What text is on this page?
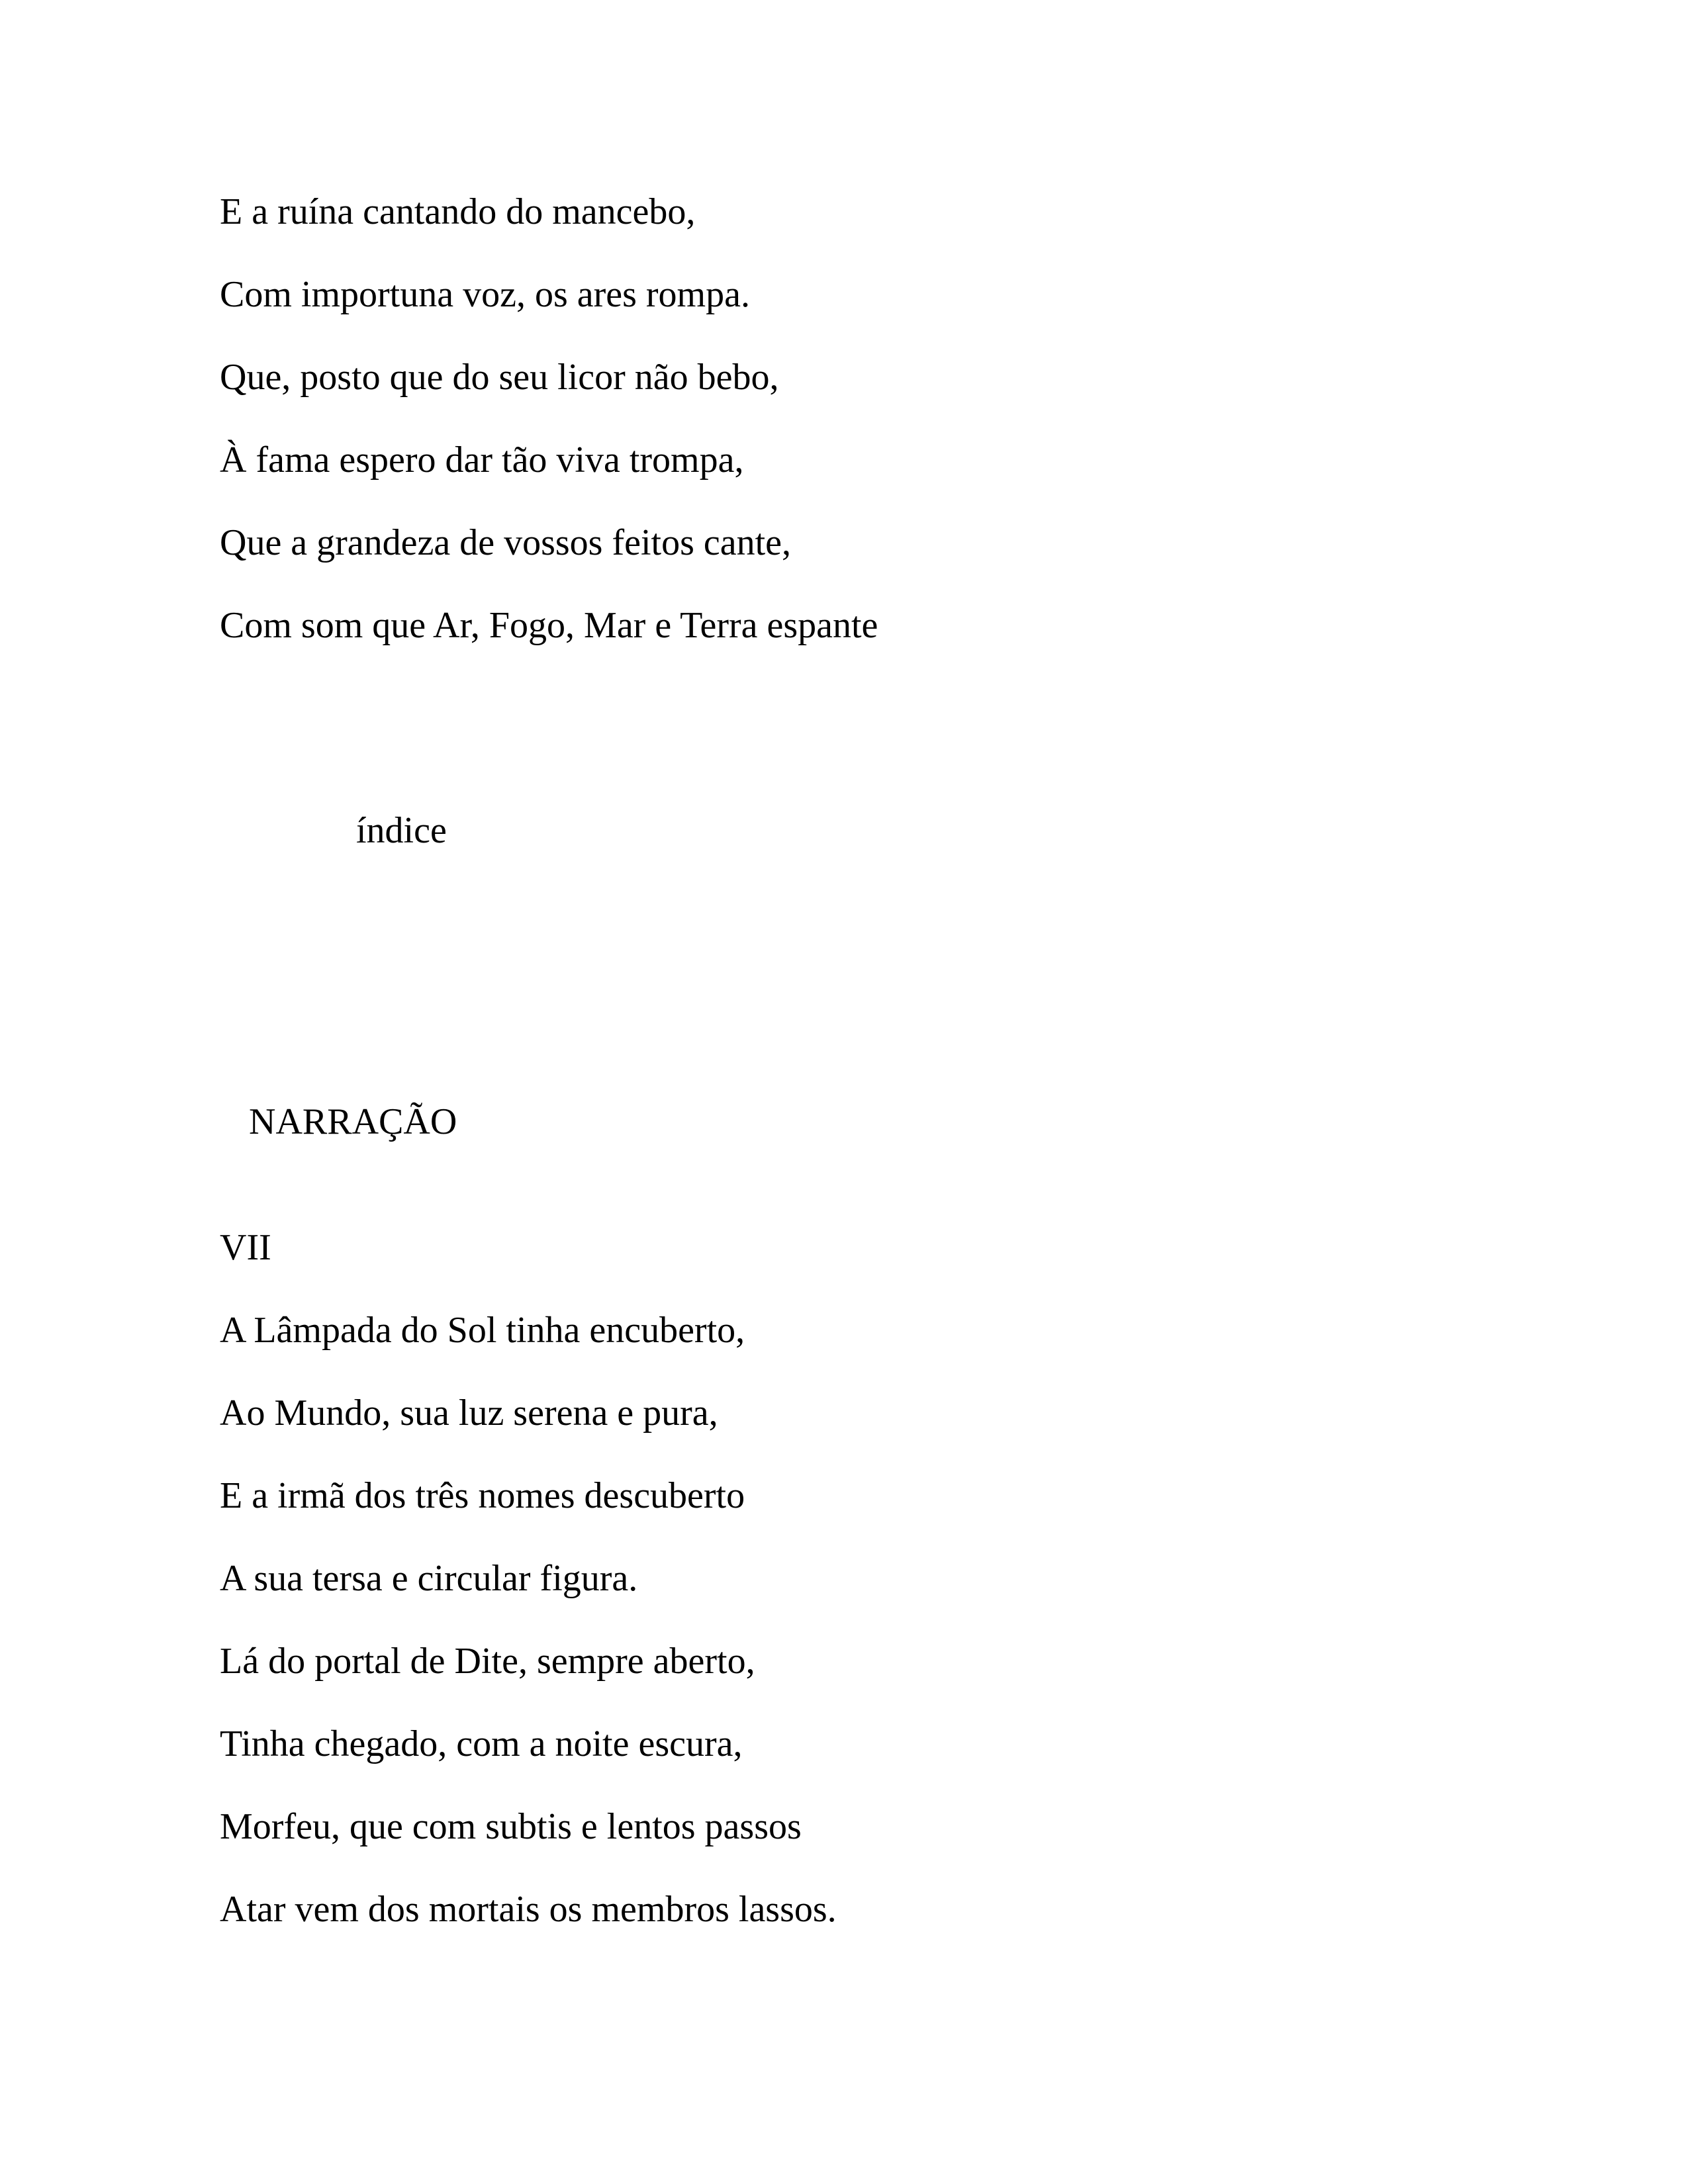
E a ruína cantando do mancebo,
Com importuna voz, os ares rompa.
Que, posto que do seu licor não bebo,
À fama espero dar tão viva trompa,
Que a grandeza de vossos feitos cante,
Com som que Ar, Fogo, Mar e Terra espante
índice
NARRAÇÃO
VII
A Lâmpada do Sol tinha encuberto,
Ao Mundo, sua luz serena e pura,
E a irmã dos três nomes descuberto
A sua tersa e circular figura.
Lá do portal de Dite, sempre aberto,
Tinha chegado, com a noite escura,
Morfeu, que com subtis e lentos passos
Atar vem dos mortais os membros lassos.
